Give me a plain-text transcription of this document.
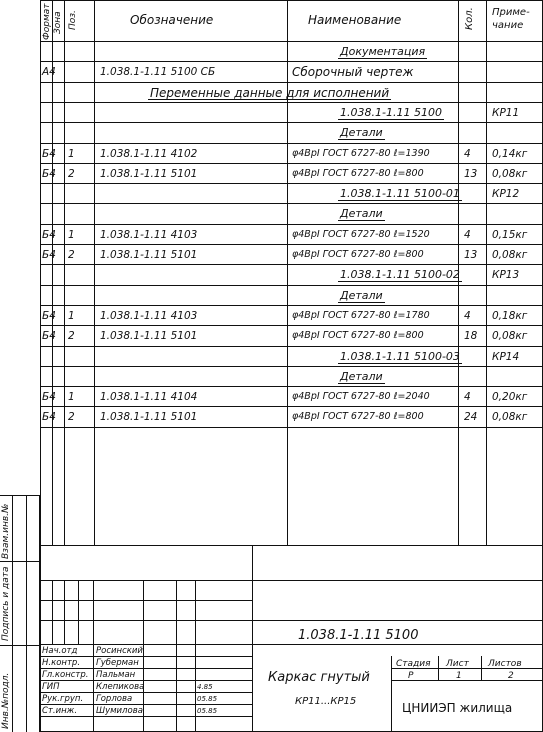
Взам.инв.№
Подпись и дата
Инв.№подл.
Формат Зона Поз.	Обозначение	Наименование	Кол. Приме-чание
Документация
А4	1.038.1-1.11 5100 СБ	Сборочный чертеж
Переменные данные для исполнений
1.038.1-1.11 5100	КР11
Детали
Б4 1 1.038.1-1.11 4102	φ4ВрI ГОСТ 6727-80 ℓ=1390	4 0,14кг
Б4 2 1.038.1-1.11 5101	φ4ВрI ГОСТ 6727-80 ℓ=800	13 0,08кг
1.038.1-1.11 5100-01	КР12
Детали
Б4 1 1.038.1-1.11 4103	φ4ВрI ГОСТ 6727-80 ℓ=1520	4 0,15кг
Б4 2 1.038.1-1.11 5101	φ4ВрI ГОСТ 6727-80 ℓ=800	13 0,08кг
1.038.1-1.11 5100-02	КР13
Детали
Б4 1 1.038.1-1.11 4103	φ4ВрI ГОСТ 6727-80 ℓ=1780	4 0,18кг
Б4 2 1.038.1-1.11 5101	φ4ВрI ГОСТ 6727-80 ℓ=800	18 0,08кг
1.038.1-1.11 5100-03	КР14
Детали
Б4 1 1.038.1-1.11 4104	φ4ВрI ГОСТ 6727-80 ℓ=2040	4 0,20кг
Б4 2 1.038.1-1.11 5101	φ4ВрI ГОСТ 6727-80 ℓ=800	24 0,08кг
1.038.1-1.11 5100
Каркас гнутый
КР11...КР15
Стадия Лист Листов
Р	1	2
ЦНИИЭП жилища
Нач.отд Росинский
Н.контр. Губерман
Гл.констр. Пальман
ГИП	Клепикова	4.85
Рук.груп. Горлова	05.85
Ст.инж. Шумилова	05.85
